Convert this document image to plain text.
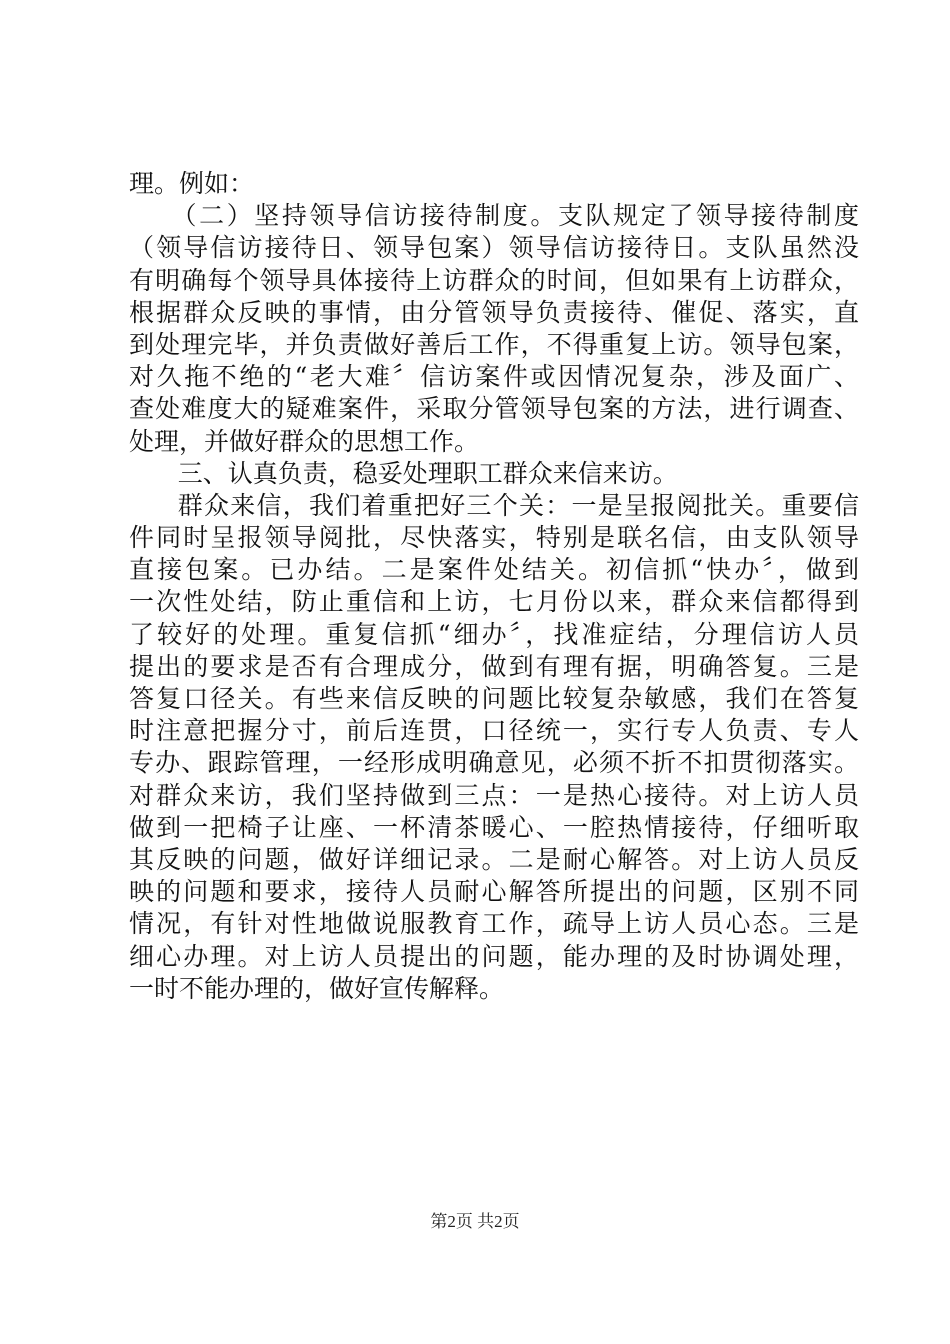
理。例如：
（二）坚持领导信访接待制度。支队规定了领导接待制度
（领导信访接待日、领导包案）领导信访接待日。支队虽然没
有明确每个领导具体接待上访群众的时间，但如果有上访群众，
根据群众反映的事情，由分管领导负责接待、催促、落实，直
到处理完毕，并负责做好善后工作，不得重复上访。领导包案，
对久拖不绝的“老大难〞信访案件或因情况复杂，涉及面广、
查处难度大的疑难案件，采取分管领导包案的方法，进行调查、
处理，并做好群众的思想工作。
三、认真负责，稳妥处理职工群众来信来访。
群众来信，我们着重把好三个关：一是呈报阅批关。重要信
件同时呈报领导阅批，尽快落实，特别是联名信，由支队领导
直接包案。已办结。二是案件处结关。初信抓“快办〞，做到
一次性处结，防止重信和上访，七月份以来，群众来信都得到
了较好的处理。重复信抓“细办〞，找准症结，分理信访人员
提出的要求是否有合理成分，做到有理有据，明确答复。三是
答复口径关。有些来信反映的问题比较复杂敏感，我们在答复
时注意把握分寸，前后连贯，口径统一，实行专人负责、专人
专办、跟踪管理，一经形成明确意见，必须不折不扣贯彻落实。
对群众来访，我们坚持做到三点：一是热心接待。对上访人员
做到一把椅子让座、一杯清茶暖心、一腔热情接待，仔细听取
其反映的问题，做好详细记录。二是耐心解答。对上访人员反
映的问题和要求，接待人员耐心解答所提出的问题，区别不同
情况，有针对性地做说服教育工作，疏导上访人员心态。三是
细心办理。对上访人员提出的问题，能办理的及时协调处理，
一时不能办理的，做好宣传解释。
第2页 共2页
